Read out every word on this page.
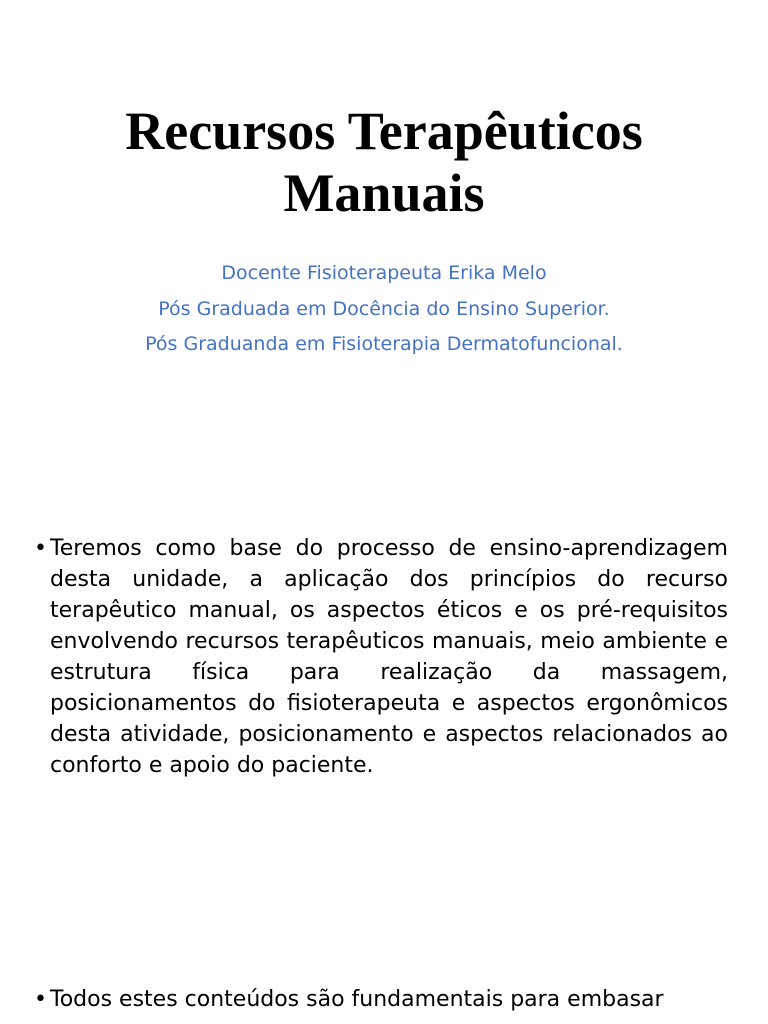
Recursos Terapêuticos
Manuais
Docente Fisioterapeuta Erika Melo
Pós Graduada em Docência do Ensino Superior.
Pós Graduanda em Fisioterapia Dermatofuncional.
• Teremos como base do processo de ensino-aprendizagem desta unidade, a aplicação dos princípios do recurso terapêutico manual, os aspectos éticos e os pré-requisitos envolvendo recursos terapêuticos manuais, meio ambiente e estrutura física para realização da massagem, posicionamentos do fisioterapeuta e aspectos ergonômicos desta atividade, posicionamento e aspectos relacionados ao conforto e apoio do paciente.
• Todos estes conteúdos são fundamentais para embasar
